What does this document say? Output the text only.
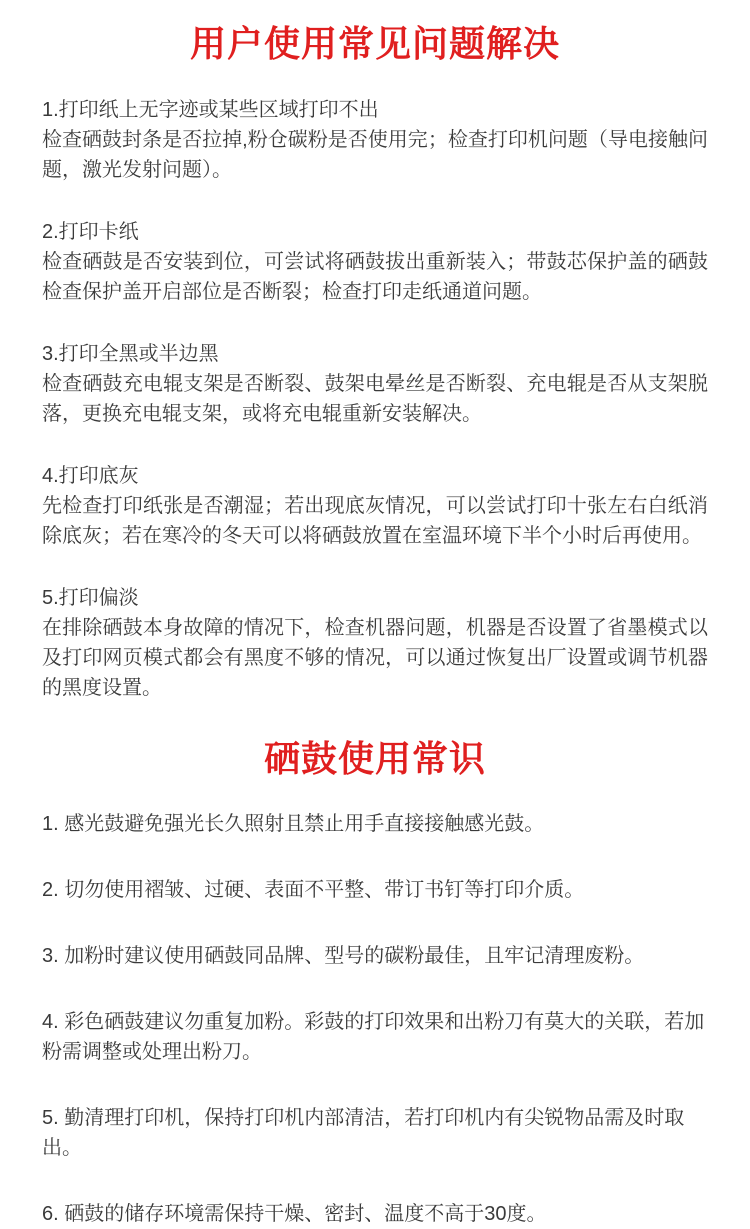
用户使用常见问题解决
1.打印纸上无字迹或某些区域打印不出
检查硒鼓封条是否拉掉,粉仓碳粉是否使用完；检查打印机问题（导电接触问题，激光发射问题）。
2.打印卡纸
检查硒鼓是否安装到位，可尝试将硒鼓拔出重新装入；带鼓芯保护盖的硒鼓检查保护盖开启部位是否断裂；检查打印走纸通道问题。
3.打印全黑或半边黑
检查硒鼓充电辊支架是否断裂、鼓架电晕丝是否断裂、充电辊是否从支架脱落，更换充电辊支架，或将充电辊重新安装解决。
4.打印底灰
先检查打印纸张是否潮湿；若出现底灰情况，可以尝试打印十张左右白纸消除底灰；若在寒冷的冬天可以将硒鼓放置在室温环境下半个小时后再使用。
5.打印偏淡
在排除硒鼓本身故障的情况下，检查机器问题，机器是否设置了省墨模式以及打印网页模式都会有黑度不够的情况，可以通过恢复出厂设置或调节机器的黑度设置。
硒鼓使用常识
1. 感光鼓避免强光长久照射且禁止用手直接接触感光鼓。
2. 切勿使用褶皱、过硬、表面不平整、带订书钉等打印介质。
3. 加粉时建议使用硒鼓同品牌、型号的碳粉最佳，且牢记清理废粉。
4. 彩色硒鼓建议勿重复加粉。彩鼓的打印效果和出粉刀有莫大的关联，若加粉需调整或处理出粉刀。
5. 勤清理打印机，保持打印机内部清洁，若打印机内有尖锐物品需及时取出。
6. 硒鼓的储存环境需保持干燥、密封、温度不高于30度。
